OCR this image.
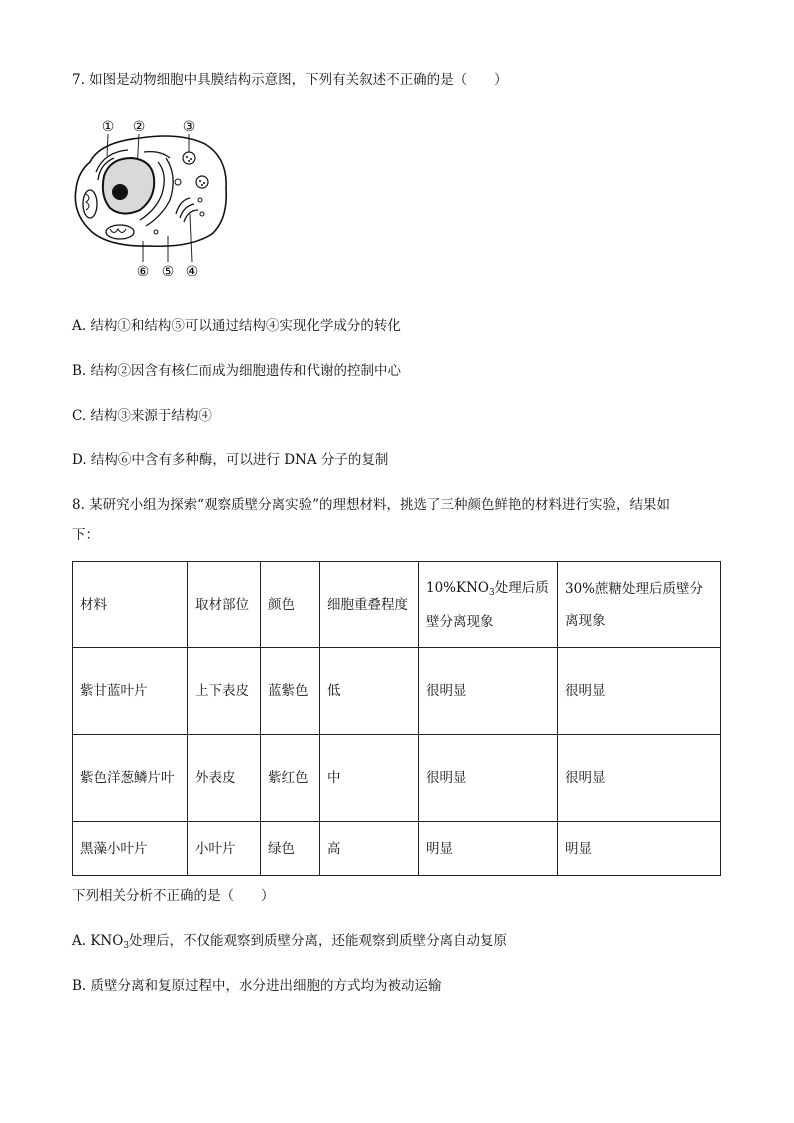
7. 如图是动物细胞中具膜结构示意图，下列有关叙述不正确的是（　　）
① ②	③
⑥ ⑤ ④
A. 结构①和结构⑤可以通过结构④实现化学成分的转化
B. 结构②因含有核仁而成为细胞遗传和代谢的控制中心
C. 结构③来源于结构④
D. 结构⑥中含有多种酶，可以进行 DNA 分子的复制
8. 某研究小组为探索“观察质壁分离实验”的理想材料，挑选了三种颜色鲜艳的材料进行实验，结果如
下：
材料	取材部位	颜色	细胞重叠程度	$10\%KNO_3$处理后质壁分离现象	30%蔗糖处理后质壁分离现象
紫甘蓝叶片	上下表皮	蓝紫色	低	很明显	很明显
紫色洋葱鳞片叶	外表皮	紫红色	中	很明显	很明显
黑藻小叶片	小叶片	绿色	高	明显	明显
下列相关分析不正确的是（　　）
A. $KNO_3$处理后，不仅能观察到质壁分离，还能观察到质壁分离自动复原
B. 质壁分离和复原过程中，水分进出细胞的方式均为被动运输
